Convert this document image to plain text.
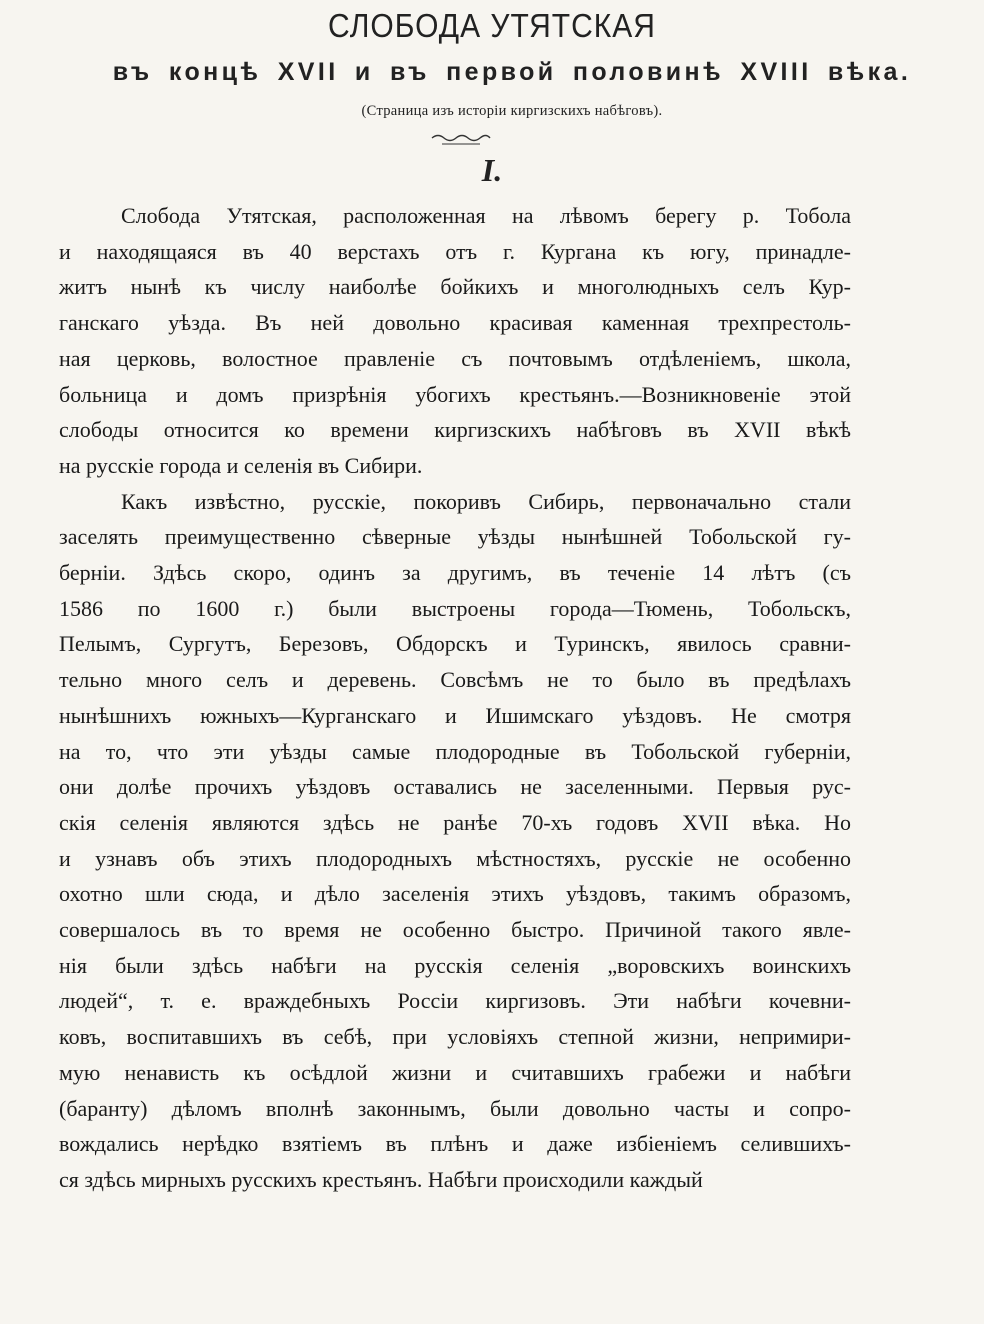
СЛОБОДА УТЯТСКАЯ
въ концѣ XVII и въ первой половинѣ XVIII вѣка.
(Страница изъ исторіи киргизскихъ набѣговъ).
I.

Слобода Утятская, расположенная на лѣвомъ берегу р. Тобола

и находящаяся въ 40 верстахъ отъ г. Кургана къ югу, принадле-

житъ нынѣ къ числу наиболѣе бойкихъ и многолюдныхъ селъ Кур-

ганскаго уѣзда. Въ ней довольно красивая каменная трехпрестоль-

ная церковь, волостное правленіе съ почтовымъ отдѣленіемъ, школа,

больница и домъ призрѣнія убогихъ крестьянъ.—Возникновеніе этой

слободы относится ко времени киргизскихъ набѣговъ въ XVII вѣкѣ

на русскіе города и селенія въ Сибири.

Какъ извѣстно, русскіе, покоривъ Сибирь, первоначально стали

заселять преимущественно сѣверные уѣзды нынѣшней Тобольской гу-

берніи. Здѣсь скоро, одинъ за другимъ, въ теченіе 14 лѣтъ (съ

1586 по 1600 г.) были выстроены города—Тюмень, Тобольскъ,

Пелымъ, Сургутъ, Березовъ, Обдорскъ и Туринскъ, явилось сравни-

тельно много селъ и деревень. Совсѣмъ не то было въ предѣлахъ

нынѣшнихъ южныхъ—Курганскаго и Ишимскаго уѣздовъ. Не смотря

на то, что эти уѣзды самые плодородные въ Тобольской губерніи,

они долѣе прочихъ уѣздовъ оставались не заселенными. Первыя рус-

скія селенія являются здѣсь не ранѣе 70-хъ годовъ XVII вѣка. Но

и узнавъ объ этихъ плодородныхъ мѣстностяхъ, русскіе не особенно

охотно шли сюда, и дѣло заселенія этихъ уѣздовъ, такимъ образомъ,

совершалось въ то время не особенно быстро. Причиной такого явле-

нія были здѣсь набѣги на русскія селенія „воровскихъ воинскихъ

людей“, т. е. враждебныхъ Россіи киргизовъ. Эти набѣги кочевни-

ковъ, воспитавшихъ въ себѣ, при условіяхъ степной жизни, непримири-

мую ненависть къ осѣдлой жизни и считавшихъ грабежи и набѣги

(баранту) дѣломъ вполнѣ законнымъ, были довольно часты и сопро-

вождались нерѣдко взятіемъ въ плѣнъ и даже избіеніемъ селившихъ-

ся здѣсь мирныхъ русскихъ крестьянъ. Набѣги происходили каждый
